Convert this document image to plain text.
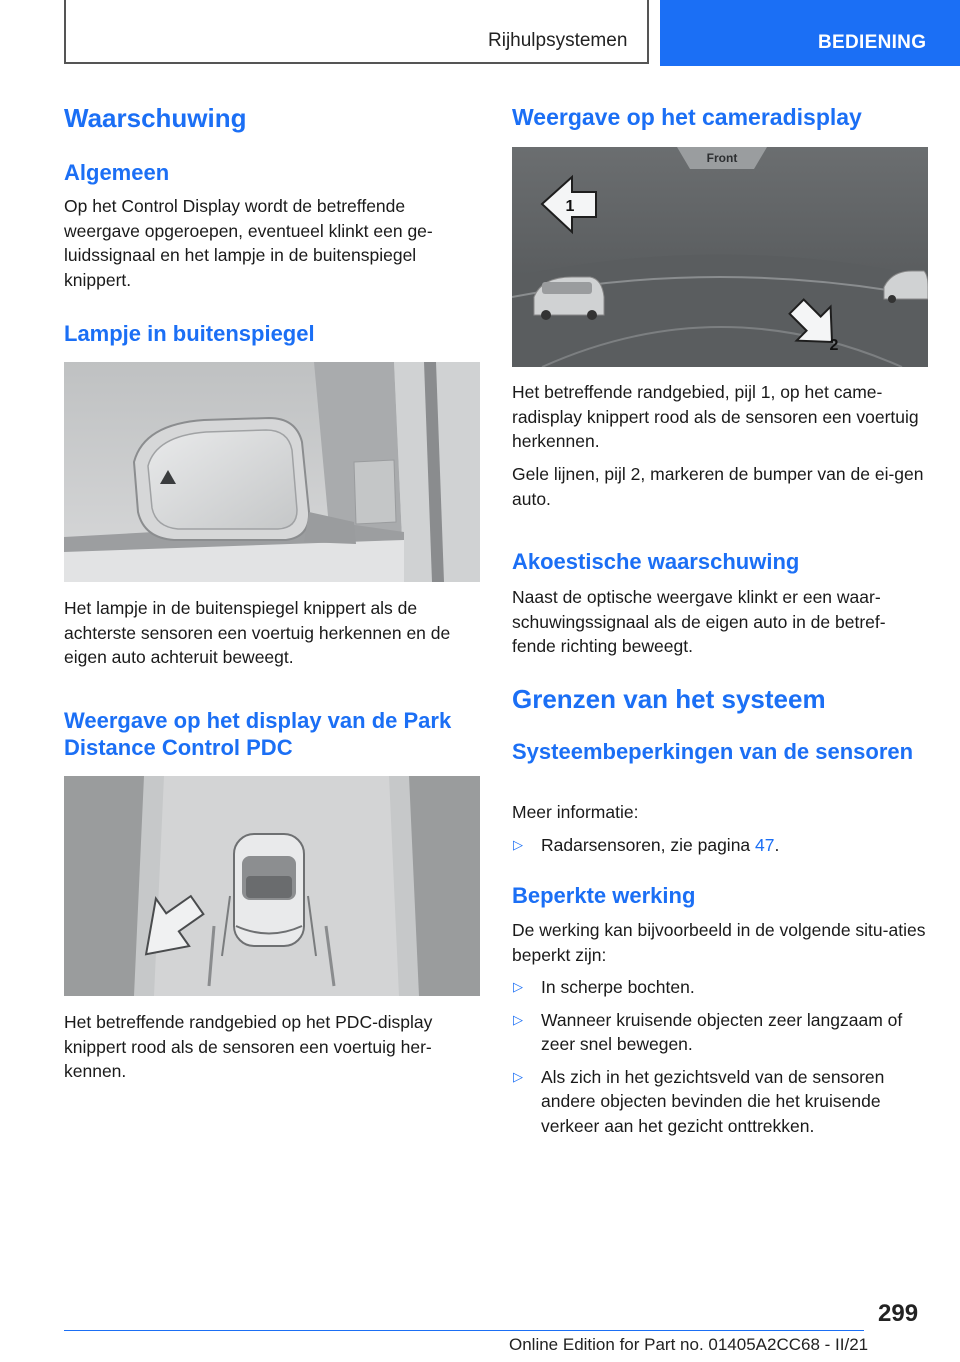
Rijhulpsystemen	BEDIENING
Waarschuwing
Algemeen

Op het Control Display wordt de betreffende weergave opgeroepen, eventueel klinkt een ge-luidssignaal en het lampje in de buitenspiegel knippert.

Lampje in buitenspiegel

Het lampje in de buitenspiegel knippert als de achterste sensoren een voertuig herkennen en de eigen auto achteruit beweegt.

Weergave op het display van de Park Distance Control PDC

Het betreffende randgebied op het PDC-display knippert rood als de sensoren een voertuig her-kennen.

Weergave op het cameradisplay
Front
1
2

Het betreffende randgebied, pijl 1, op het came-radisplay knippert rood als de sensoren een voertuig herkennen.

Gele lijnen, pijl 2, markeren de bumper van de ei-gen auto.

Akoestische waarschuwing

Naast de optische weergave klinkt er een waar-schuwingssignaal als de eigen auto in de betref-fende richting beweegt.

Grenzen van het systeem
Systeembeperkingen van de sensoren

Meer informatie:

▷ Radarsensoren, zie pagina 47.
Beperkte werking

De werking kan bijvoorbeeld in de volgende situ-aties beperkt zijn:

▷ In scherpe bochten.
▷ Wanneer kruisende objecten zeer langzaam of zeer snel bewegen.
▷ Als zich in het gezichtsveld van de sensoren andere objecten bevinden die het kruisende verkeer aan het gezicht onttrekken.
299
Online Edition for Part no. 01405A2CC68 - II/21
